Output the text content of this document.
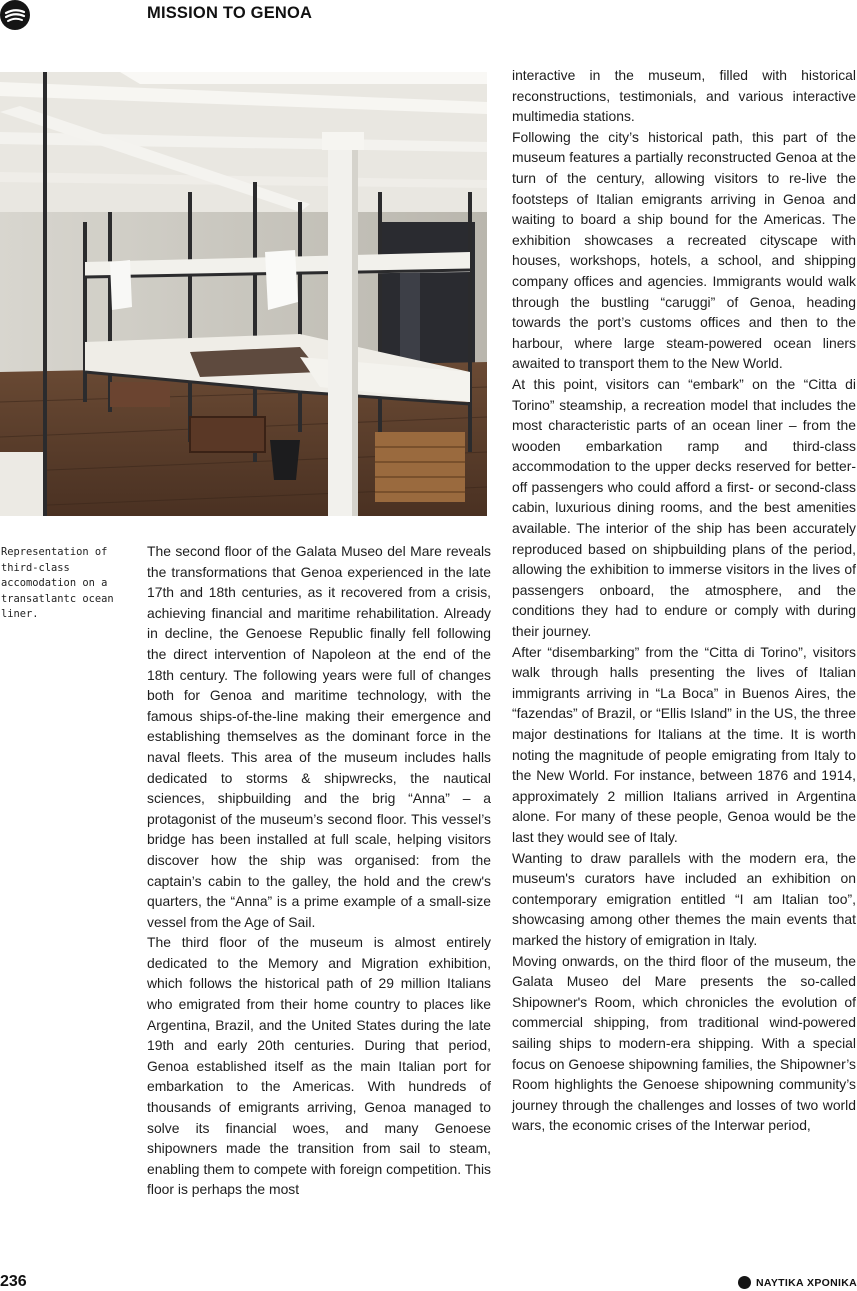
MISSION TO GENOA
Representation of third-class accomodation on a transatlantc ocean liner.

The second floor of the Galata Museo del Mare reveals the transformations that Genoa experienced in the late 17th and 18th centuries, as it recovered from a crisis, achieving financial and maritime rehabilitation. Already in decline, the Genoese Republic finally fell following the direct intervention of Napoleon at the end of the 18th century. The following years were full of changes both for Genoa and maritime technology, with the famous ships-of-the-line making their emergence and establishing themselves as the dominant force in the naval fleets. This area of the museum includes halls dedicated to storms & shipwrecks, the nautical sciences, shipbuilding and the brig “Anna” – a protagonist of the museum’s second floor. This vessel’s bridge has been installed at full scale, helping visitors discover how the ship was organised: from the captain’s cabin to the galley, the hold and the crew's quarters, the “Anna” is a prime example of a small-size vessel from the Age of Sail.

The third floor of the museum is almost entirely dedicated to the Memory and Migration exhibition, which follows the historical path of 29 million Italians who emigrated from their home country to places like Argentina, Brazil, and the United States during the late 19th and early 20th centuries. During that period, Genoa established itself as the main Italian port for embarkation to the Americas. With hundreds of thousands of emigrants arriving, Genoa managed to solve its financial woes, and many Genoese shipowners made the transition from sail to steam, enabling them to compete with foreign competition. This floor is perhaps the most

interactive in the museum, filled with historical reconstructions, testimonials, and various interactive multimedia stations.

Following the city’s historical path, this part of the museum features a partially reconstructed Genoa at the turn of the century, allowing visitors to re-live the footsteps of Italian emigrants arriving in Genoa and waiting to board a ship bound for the Americas. The exhibition showcases a recreated cityscape with houses, workshops, hotels, a school, and shipping company offices and agencies. Immigrants would walk through the bustling “caruggi” of Genoa, heading towards the port’s customs offices and then to the harbour, where large steam-powered ocean liners awaited to transport them to the New World.

At this point, visitors can “embark” on the “Citta di Torino” steamship, a recreation model that includes the most characteristic parts of an ocean liner – from the wooden embarkation ramp and third-class accommodation to the upper decks reserved for better-off passengers who could afford a first- or second-class cabin, luxurious dining rooms, and the best amenities available. The interior of the ship has been accurately reproduced based on shipbuilding plans of the period, allowing the exhibition to immerse visitors in the lives of passengers onboard, the atmosphere, and the conditions they had to endure or comply with during their journey.

After “disembarking” from the “Citta di Torino”, visitors walk through halls presenting the lives of Italian immigrants arriving in “La Boca” in Buenos Aires, the “fazendas” of Brazil, or “Ellis Island” in the US, the three major destinations for Italians at the time. It is worth noting the magnitude of people emigrating from Italy to the New World. For instance, between 1876 and 1914, approximately 2 million Italians arrived in Argentina alone. For many of these people, Genoa would be the last they would see of Italy.

Wanting to draw parallels with the modern era, the museum's curators have included an exhibition on contemporary emigration entitled “I am Italian too”, showcasing among other themes the main events that marked the history of emigration in Italy.

Moving onwards, on the third floor of the museum, the Galata Museo del Mare presents the so-called Shipowner's Room, which chronicles the evolution of commercial shipping, from traditional wind-powered sailing ships to modern-era shipping. With a special focus on Genoese shipowning families, the Shipowner’s Room highlights the Genoese shipowning community’s journey through the challenges and losses of two world wars, the economic crises of the Interwar period,

236	ΝΑΥΤΙΚΑ ΧΡΟΝΙΚΑ
